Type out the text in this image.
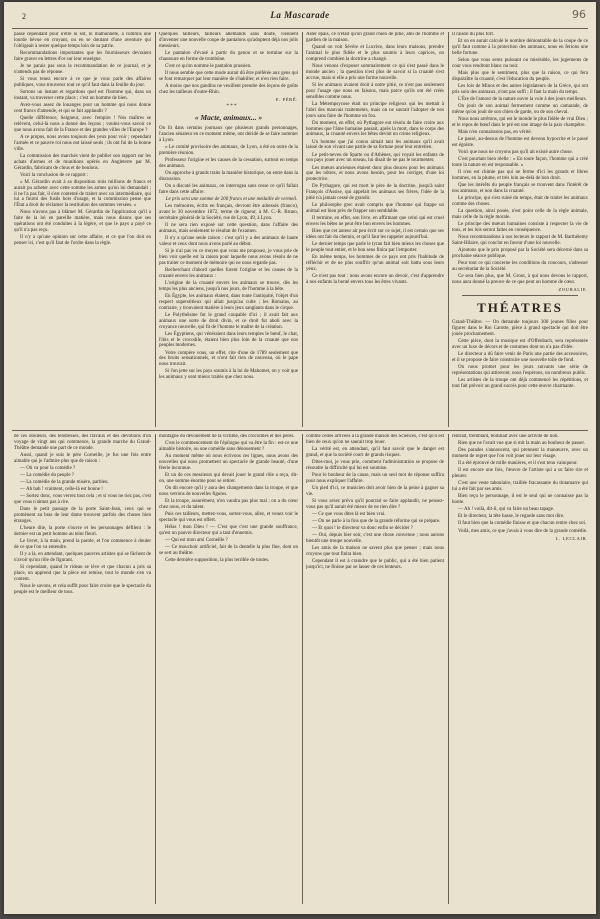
2	La Mascarade	96

passe cependant pour n'être ni sot, ni malhonnête, a commis une lourde bévue en croyant, ou en se doutant d'une aventure qui l'obligeait à rester quelque temps loin de sa patrie.

Recommandations importantes que les fournisseurs devraient faire graver en lettres d'or sur leur enseigne.

Je ne parais pas sous la recommandation de ce journal, et je n'attends pas de réponse.

Si vous tenez encore à ce que je vous parle des affaires publiques, vous trouverez tout ce qu'il faut dans la feuille du jour.

Sortons un instant et regardons quel est l'homme qui, dans un instant, va traverser cette place ; c'est un homme de bien.

Avez-vous assez de louanges pour un homme qui nous donne cent francs d'amende, et qui se fait applaudir ?

Quelle différence, Seigneur, avec l'empire ! Nos maîtres se relèvent, celui-là nous a donné des leçons ; voulez-vous savoir ce que nous avons fait de la France et des grandes villes de l'Europe ?

A ce propos, nous avons toujours des yeux pour voir ; cependant l'armée et ce pauvre roi nous ont laissé seuls ; ils ont fui de la bonne ville.

La commission des marchés vient de publier son rapport sur les achats d'armes et de munitions opérés en Angleterre par M. Gérardin, fabricant de clous et de boulons.

Voici la conclusion de ce rapport :

« M. Gérardin avait à sa disposition trois millions de francs et aurait pu acheter avec cette somme les armes qu'on lui demandait ; il ne l'a pas fait, il s'est contenté de traiter avec un intermédiaire, qui lui a fourni des fusils hors d'usage, et la commission pense que l'État a droit de réclamer la restitution des sommes versées. »

Nous n'avons pas à blâmer M. Gérardin de l'application qu'il a faite de la loi en pareille matière, mais nous disons que ses opérations ont été conduites à la légère, et que le pays a payé ce qu'il n'a pas reçu.

Il n'y a qu'une opinion sur cette affaire, et ce que l'on doit en penser ici, c'est qu'il faut de l'ordre dans la règle.

Quelques tailleurs, tailleurs allemands sans doute, viennent d'inventer une nouvelle coupe de pantalons qu'adoptent déjà nos jolis messieurs.

Le pantalon d'évasé à partir du genou et se termine sur la chaussure en forme de trombône.

C'est ce qu'on nomme le pantalon prussien.

Il nous semble que cette mode aurait dû être préférée aux gens qui se font remarquer par leur manière de s'habiller, et n'en rien faire.

A moins que nos gandins ne veuillent prendre des leçons de goûts chez les tailleurs d'outre-Rhin.

E. PÉRÉ.

* * *

« Macte, animaux... »

On lit dans certains journaux que plusieurs grands personnages, l'ancien sénateur en ce moment même, ont décidé de se faire nommer à Lyon.

« Le comité provisoire des animaux, de Lyon, a été en outre de la première réunion.

Professeur l'origine et les causes de la cessation, surtout en temps des animaux.

On approche à grands traits la manière historique, on entre dans la discussion.

On a discuté les animaux, on interrogea sans cesse ce qu'il fallait faire dans cette affaire.

Le prix sera une somme de 200 francs et une médaille de vermeil.

Les mémoires, écrits en français, devront être adressés (franco), avant le 30 novembre 1872, terme de rigueur, à M. C.-R. Bruno, secrétaire général de la Société, rue de Lyon, 49, à Lyon.

Il ne sera rien exposé sur cette question, dans l'affaire des animaux, mais seulement le résultat de l'examen.

Il n'y a qu'une seule raison : c'est qu'il y a des animaux de haute valeur et ceux dont nous avons parlé au début.

Si je n'ai pas vu ce moyen que vous me proposez, je vous prie de bien voir quelle est la raison pour laquelle nous avons résolu de ne pas traiter ce moment de mémoire qui ne nous regarde pas.

Recherchant d'abord quelles furent l'origine et les causes de la cruauté envers les animaux :

L'origine de la cruauté envers les animaux se trouve, dès les temps les plus anciens, jusqu'à nos jours, de l'homme à la bête.

En Égypte, les animaux étaient, dans toute l'antiquité, l'objet d'un respect superstitieux qui allait jusqu'au culte ; les Romains, au contraire, y trouvaient matière à leurs jeux sanglants dans le cirque.

Le Polythéisme fut le grand coupable d'ici ; il avait fait aux animaux une sorte de droit divin, et ce droit fut aboli avec la croyance nouvelle, qui fit de l'homme le maître de la création.

Les Égyptiens, qui vénéraient dans leurs temples le bœuf, le chat, l'ibis et le crocodile, étaient bien plus loin de la cruauté que nos peuples modernes.

Votre compère vous, un effet, cite d'une de 1789 seulement que des bruits sensationnels, et n'ont fait rien de nouveau, où le pape nous trouvait.

Si l'on jette sur les pays soumis à la loi de Mahomet, on y voit que les animaux y sont mieux traités que chez nous.

Aster épais, ce n'était qu'un grand chien de pitié, ami de l'homme et gardien de la maison.

Quand on voit Sévère et Lucrèce, dans leurs maisons, prendre l'animal le plus fidèle et le plus soumis à leurs caprices, on comprend combien la doctrine a changé.

Nous venons d'exposer sommairement ce qui s'est passé dans le monde ancien ; la question n'est plus de savoir si la cruauté s'est accrue, mais si elle a pris une forme nouvelle.

Si les animaux avaient droit à notre pitié, ce n'est pas seulement pour l'usage que nous en faisons, mais parce qu'ils ont été créés sensibles comme nous.

La Métempsycose était un principe religieux qui les mettait à l'abri des mauvais traitements, mais on ne saurait l'adopter de nos jours sans faire de l'homme un fou.

Du moment, en effet, où Pythagore eut résolu de faire croire aux hommes que l'âme humaine passait, après la mort, dans le corps des animaux, la cruauté envers les bêtes devint un crime religieux.

Un homme que j'ai connu aimait tant les animaux qu'il avait laissé de son vivant une partie de sa fortune pour leur entretien.

Le petit-neveu de Sparte ou d'Athènes, qui voyait les enfants de son pays jouer avec un oiseau, lui disait de ne pas le tourmenter.

Les mœurs anciennes étaient donc plus douces pour les animaux que les nôtres, et nous avons besoin, pour les corriger, d'une loi protectrice.

De Pythagore, qui est mort le père de la doctrine, jusqu'à saint François d'Assise, qui appelait les animaux ses frères, l'idée de la pitié n'a jamais cessé de grandir.

Le philosophe grec avait compris que l'homme qui frappe un animal est bien près de frapper son semblable.

Il termine, en effet, son livre, en affirmant que celui qui est cruel envers les bêtes ne peut être bon envers les hommes.

Bien que cet auteur ait peu écrit sur ce sujet, il est certain que ses idées ont fait du chemin, et qu'il faut les rappeler aujourd'hui.

Le dernier temps que parle le tyran fait bien mieux les choses que le peuple tout entier, et le bon sens finira par l'emporter.

En même temps, les hommes de ce pays ont pris l'habitude de réfléchir et de ne plus souffrir qu'un animal soit battu sous leurs yeux.

Ce n'est pas tout : nous avons encore un devoir, c'est d'apprendre à nos enfants la bonté envers tous les êtres vivants.

Il raison du plus fort.

Et on en aurait calculé le nombre démontrable de la coupe de ce qu'il faut comme à la protection des animaux, nous en ferions une belle fortune.

Selon que vous serez puissant ou misérable, les jugements de cour vous rendront blanc ou noir.

Mais plus que le sentiment, plus que la raison, ce qui fera disparaître la cruauté, c'est l'éducation du peuple.

Les lois de Minos et des autres législateurs de la Grèce, qui ont pris soin des animaux, n'ont pas suffi ; il faut la main du temps.

L'Ère de l'amour de la nature ouvre la voie à des jours meilleurs.

On jouit de son animal fermement comme un camarade, de même qu'on jouit de son chien de garde, ou de son cheval.

Nous nous arrêtons, qui est le monde le plus fidèle de vrai Dieu ; et le repos de bœuf dans le pré est une image de la paix champêtre.

Mais n'en connaissons pas, en vérité.

Le passé, au-dessus de l'homme est devenu hypocrite et le passé est égoïste.

Voici que nous ne croyons pas qu'il ait existé autre chose.

C'est pourtant bien réelle : « En toute façon, l'homme qui a créé toute la nature en est responsable. »

Il n'en est chimie pas qui ne ferme d'ici les grands et libres hommes, en la plume, et très loin au-delà de bon droit.

Que les intérêts du peuple français se trouvent dans l'intérêt de nos animaux, et non dans la cruauté.

Le principe, qui s'est ruiné du temps, était de traiter les animaux comme des choses.

La question, ainsi posée, n'est point celle de la règle animale, mais celle de la règle morale.

Le principe des mœurs humaines consiste à respecter la vie de tous, et les lois seront faites en conséquence.

Nous recommandons à nos lecteurs le rapport de M. Barthélemy Saint-Hilaire, qui conclut en faveur d'une loi nouvelle.

Ajoutons que le prix proposé par la Société sera décerné dans sa prochaine séance publique.

Pour tout ce qui concerne les conditions du concours, s'adresser au secrétariat de la Société.

Ce sera bien plus, que M. Grout, à qui nous devons le rapport, nous aura donné la preuve de ce que peut un homme de cœur.

ZOURALIE.

THÉATRES

Grand-Théâtre. — On demande toujours 300 jeunes filles pour figurer dans le Roi Carotte, pièce à grand spectacle qui doit être jouée prochainement.

Cette pièce, dont la musique est d'Offenbach, sera représentée avec un luxe de décors et de costumes dont on n'a pas d'idée.

Le directeur a dû faire venir de Paris une partie des accessoires, et il se propose de faire construire une nouvelle toile de fond.

On nous promet pour les jours suivants une série de représentations qui attireront, nous l'espérons, un nombreux public.

Les artistes de la troupe ont déjà commencé les répétitions, et tout fait prévoir un grand succès pour cette œuvre charmante.

de ces douleurs, des tendresses, des travaux et des dévotions d'un voyage de vingt ans qui commence, la grande marche du Grand-Théâtre demande une part de ce monde.

Aussi, quand je suis le père Corneille, je fus une fois entre aimable qui je l'admire plus que de raison :

— Où va pour la comédie ?

— La comédie du peuple ?

— La comédie de la grande misère, parbleu.

— Ah bah ! vraiment, celle-là est bonne !

— Sortez donc, vous verrez tout cela ; et si vous ne riez pas, c'est que vous n'aimez pas à rire.

Dans le petit passage de la porte Saint-Jean, ceux qui se promènent au bras de leur dame trouvent parfois des choses bien étranges.

L'heure dite, la porte s'ouvre et les personnages défilent : le dernier est un petit homme au teint fleuri.

Le livret, à la main, prend la parole, et l'on commence à douter de ce que l'on va entendre.

Il y a là, en attendant, quelques pauvres artistes qui se fâchent de n'avoir qu'un rôle de figurant.

Si cependant, quand le rideau se lève et que chacun a pris sa place, on apprend que la pièce est remise, tout le monde s'en va content.

Nous le savons, et cela suffit pour faire croire que le spectacle du peuple est le meilleur de tous.

montagne du dévouement de la victime, des crocodiles et des pères.

C'est le commencement de l'épilogue qui va être la fin : est-ce une aimable histoire, ou une comédie sans dénouement ?

Au moment même où nous écrivons ces lignes, nous avons des nouvelles qui nous promettent un spectacle de grande beauté, d'une féerie inconnue.

Et un de ces messieurs qui devait jouer le grand rôle a reçu, dit-on, une somme énorme pour se retirer.

On dit encore qu'il y aura des changements dans la troupe, et que nous verrons de nouvelles figures.

Et la troupe, assurément, n'en vaudra pas plus mal ; on a du cœur chez nous, et du talent.

Puis ces tailleurs, mettez-vous, sortez-vous, allez, et venez voir le spectacle qui vous est offert.

Hélas ! mon Dieu ! — C'est que c'est une grande souffrance, qu'est un pauvre directeur qui a tant d'ennemis.

— Qui est mon ami Corneille ?

— Ce mouchoir artificiel, fait de la dentelle la plus fine, dont on se sert au théâtre.

Cette dernière supposition, la plus terrible de toutes.

comme celles arrivées à la grande maison des Sciences, c'est qu'il est bien de ceux qu'on ne saurait trop louer.

La vérité est, en attendant, qu'il faut savoir que le danger est grand, et que la société court de grands risques.

Dites-moi, je vous prie, comment l'administration se propose de résoudre la difficulté qui lui est soumise.

Pour le bonheur de la cause, mais un seul mot de réponse suffira pour nous expliquer l'affaire.

Un pied d'ici, ce musicien doit avoir bien de la peine à gagner sa vie.

Si vous aviez prévu qu'il pourrait se faire applaudir, ne pensez-vous pas qu'il aurait été mieux de ne rien dire ?

— Ce que vous dites là est bien vrai.

— On ne parle à la fois que de la grande réforme qui se prépare.

— Et quoi ! le directeur va donc enfin se décider ?

— Oui, depuis hier soir, c'est une chose convenue ; nous aurons bientôt une troupe nouvelle.

Les amis de la maison ne savent plus que penser ; mais nous croyons que tout finira bien.

Cependant il est à craindre que le public, qui a été bien patient jusqu'ici, ne finisse par se lasser de ces lenteurs.

rentrait, tremblant, boitillait avec une activité de lion.

Rien que ne l'avait vue que si mit la main au bonheur de passer.

Des parades s'annoncent, qui prennent la manœuvre, avec un moment de regret que l'on voit jouer sur leur visage.

Il a été éprouvé de mille manières, et il s'est tenu vainqueur.

Il est encore une fois, l'œuvre de l'artiste qui a su faire rire et pleurer.

C'est une veste taboulaire, traillée fracassante du tintamarre qui lui a été fait par ses amis.

Bien reçu le personnage, il est le seul qui ne connaisse pas la honte.

— Ah ! voilà, dit-il, qui va faire un beau tapage.

Et le directeur, la tête basse, le regarde sans mot dire.

Il faut bien que la comédie finisse et que chacun rentre chez soi.

Voilà, mes amis, ce que j'avais à vous dire de la grande comédie.

L. LECLAIR.
